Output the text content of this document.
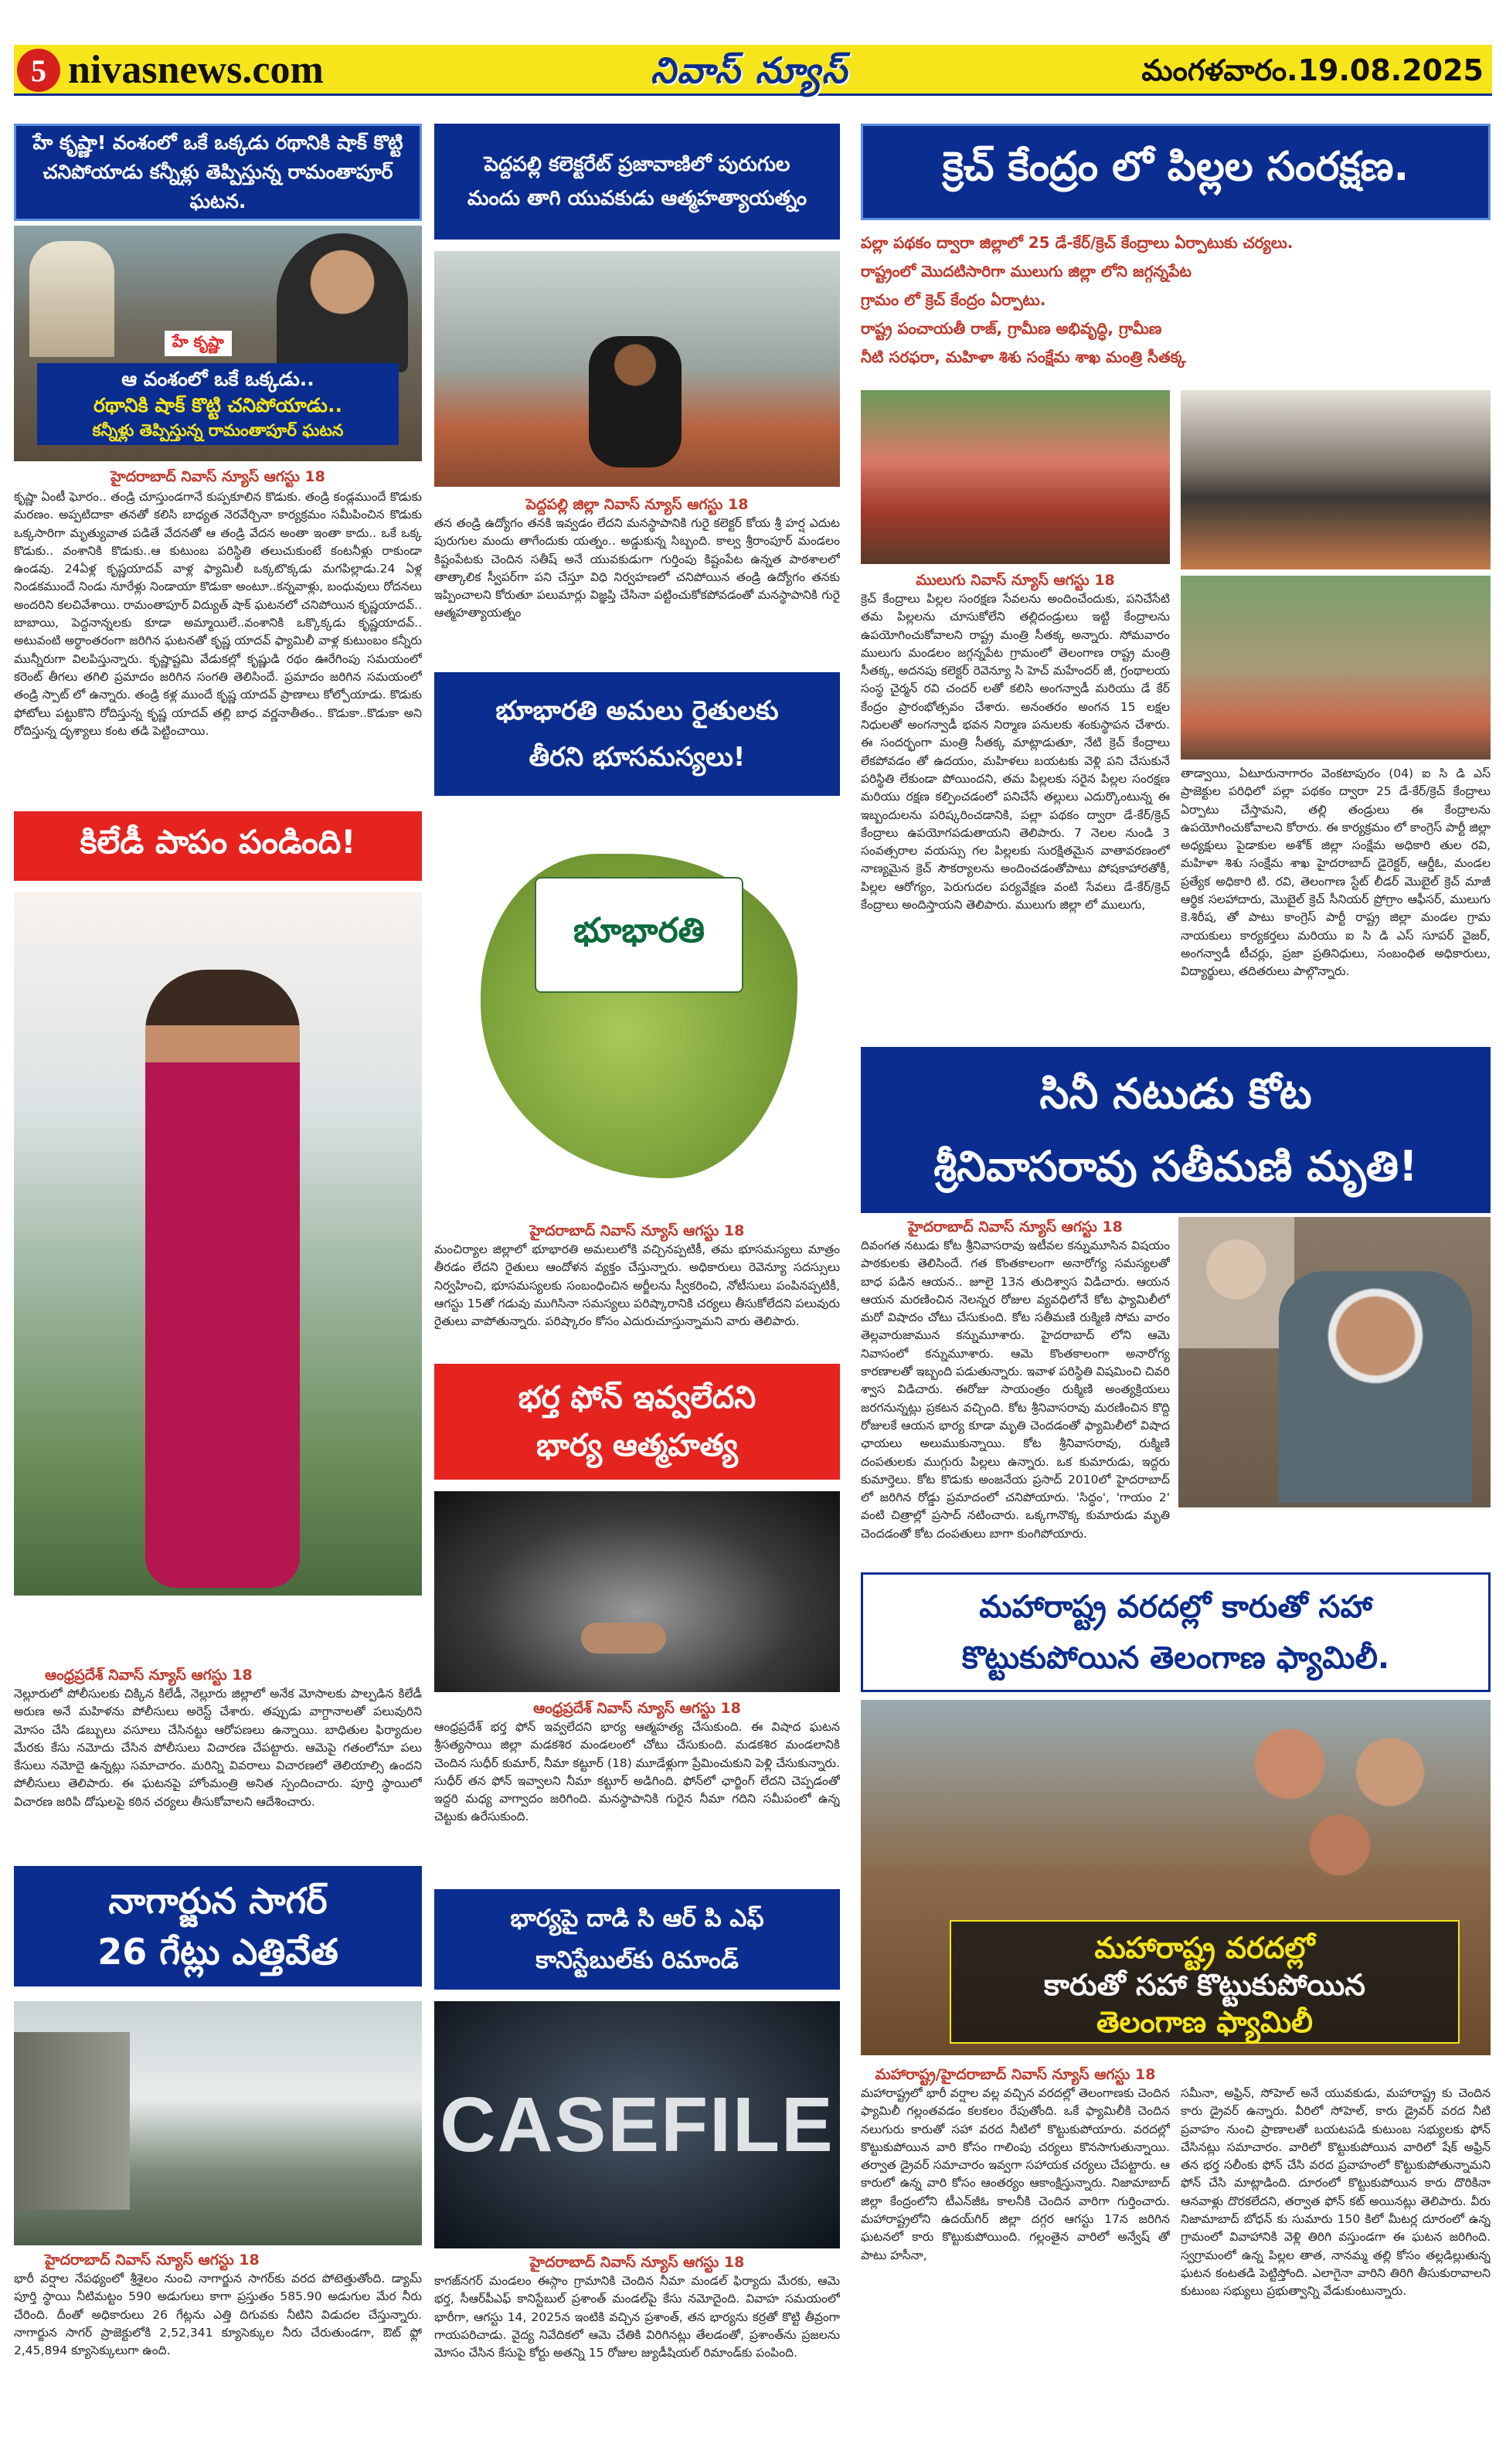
5 nivasnews.com	నివాస్ న్యూస్	మంగళవారం.19.08.2025
హే కృష్ణా! వంశంలో ఒకే ఒక్కడు రథానికి షాక్ కొట్టి
చనిపోయాడు కన్నీళ్లు తెప్పిస్తున్న రామంతాపూర్ ఘటన.
హే కృష్ణా
ఆ వంశంలో ఒకే ఒక్కడు..
రథానికి షాక్ కొట్టి చనిపోయాడు..
కన్నీళ్లు తెప్పిస్తున్న రామంతాపూర్ ఘటన
హైదరాబాద్ నివాస్ న్యూస్ ఆగస్టు 18
కృష్ణా ఏంటీ ఘోరం.. తండ్రి చూస్తుండగానే కుప్పకూలిన కొడుకు. తండ్రి కండ్లముందే కొడుకు మరణం. అప్పటిదాకా తనతో కలిసి బాధ్యత నెరవేర్చినా కార్యక్రమం సమీపించిన కొడుకు ఒక్కసారిగా మృత్యువాత పడితే వేదనతో ఆ తండ్రి వేదన అంతా ఇంతా కాదు.. ఒకే ఒక్క కొడుకు.. వంశానికి కొడుకు..ఆ కుటుంబ పరిస్థితి తలుచుకుంటే కంటనీళ్లు రాకుండా ఉండవు. 24ఏళ్ల కృష్ణయాదవ్ వాళ్ల ఫ్యామిలీ ఒక్కటొక్కడు మగపిల్లాడు.24 ఏళ్ల నిండకముందే నిండు నూరేళ్లు నిండాయా కొడుకా అంటూ..కన్నవాళ్లు, బంధువులు రోదనలు అందరిని కలచివేశాయి. రామంతాపూర్ విద్యుత్ షాక్ ఘటనలో చనిపోయిన కృష్ణయాదవ్.. బాబాయి, పెద్దనాన్నలకు కూడా అమ్మాయిలే..వంశానికి ఒక్కొక్కడు కృష్ణయాదవ్.. అటువంటి అర్థాంతరంగా జరిగిన ఘటనతో కృష్ణ యాదవ్ ఫ్యామిలీ వాళ్ల కుటుంబం కన్నీరు మున్నీరుగా విలపిస్తున్నారు. కృష్ణాష్టమి వేడుకల్లో కృష్ణుడి రథం ఊరేగింపు సమయంలో కరెంట్ తీగలు తగిలి ప్రమాదం జరిగిన సంగతి తెలిసిందే. ప్రమాదం జరిగిన సమయంలో తండ్రి స్పాట్ లో ఉన్నారు. తండ్రి కళ్ల ముందే కృష్ణ యాదవ్ ప్రాణాలు కోల్పోయాడు. కొడుకు ఫోటోలు పట్టుకొని రోదిస్తున్న కృష్ణ యాదవ్ తల్లి బాధ వర్ణనాతీతం.. కొడుకా..కొడుకా అని రోదిస్తున్న దృశ్యాలు కంట తడి పెట్టించాయి.
కిలేడీ పాపం పండింది!
ఆంధ్రప్రదేశ్ నివాస్ న్యూస్ ఆగస్టు 18
నెల్లూరులో పోలీసులకు చిక్కిన కిలేడీ, నెల్లూరు జిల్లాలో అనేక మోసాలకు పాల్పడిన కిలేడీ అరుణ అనే మహిళను పోలీసులు అరెస్ట్ చేశారు. తప్పుడు వాగ్దానాలతో పలువురిని మోసం చేసి డబ్బులు వసూలు చేసినట్టు ఆరోపణలు ఉన్నాయి. బాధితుల ఫిర్యాదుల మేరకు కేసు నమోదు చేసిన పోలీసులు విచారణ చేపట్టారు. ఆమెపై గతంలోనూ పలు కేసులు నమోదై ఉన్నట్లు సమాచారం. మరిన్ని వివరాలు విచారణలో తెలియాల్సి ఉందని పోలీసులు తెలిపారు. ఈ ఘటనపై హోంమంత్రి అనిత స్పందించారు. పూర్తి స్థాయిలో విచారణ జరిపి దోషులపై కఠిన చర్యలు తీసుకోవాలని ఆదేశించారు.
నాగార్జున సాగర్
26 గేట్లు ఎత్తివేత
హైదరాబాద్ నివాస్ న్యూస్ ఆగస్టు 18
భారీ వర్షాల నేపథ్యంలో శ్రీశైలం నుంచి నాగార్జున సాగర్‌కు వరద పోటెత్తుతోంది. డ్యామ్ పూర్తి స్థాయి నీటిమట్టం 590 అడుగులు కాగా ప్రస్తుతం 585.90 అడుగుల మేర నీరు చేరింది. దీంతో అధికారులు 26 గేట్లను ఎత్తి దిగువకు నీటిని విడుదల చేస్తున్నారు. నాగార్జున సాగర్ ప్రాజెక్టులోకి 2,52,341 క్యూసెక్కుల నీరు చేరుతుండగా, ఔట్ ఫ్లో 2,45,894 క్యూసెక్కులుగా ఉంది.
పెద్దపల్లి కలెక్టరేట్ ప్రజావాణిలో పురుగుల
మందు తాగి యువకుడు ఆత్మహత్యాయత్నం
పెద్దపల్లి జిల్లా నివాస్ న్యూస్ ఆగస్టు 18
తన తండ్రి ఉద్యోగం తనకి ఇవ్వడం లేదని మనస్థాపానికి గురై కలెక్టర్ కోయ శ్రీ హర్ష ఎదుట పురుగుల మందు తాగేందుకు యత్నం.. అడ్డుకున్న సిబ్బంది. కాల్వ శ్రీరాంపూర్ మండలం కిష్టంపేటకు చెందిన సతీష్ అనే యువకుడుగా గుర్తింపు కిష్టంపేట ఉన్నత పాఠశాలలో తాత్కాలిక స్వీపర్‌గా పని చేస్తూ విధి నిర్వహణలో చనిపోయిన తండ్రి ఉద్యోగం తనకు ఇప్పించాలని కోరుతూ పలుమార్లు విజ్ఞప్తి చేసినా పట్టించుకోకపోవడంతో మనస్థాపానికి గురై ఆత్మహత్యాయత్నం
భూభారతి అమలు రైతులకు
తీరని భూసమస్యలు!
భూభారతి
హైదరాబాద్ నివాస్ న్యూస్ ఆగస్టు 18
మంచిర్యాల జిల్లాలో భూభారతి అమలులోకి వచ్చినప్పటికీ, తమ భూసమస్యలు మాత్రం తీరడం లేదని రైతులు ఆందోళన వ్యక్తం చేస్తున్నారు. అధికారులు రెవెన్యూ సదస్సులు నిర్వహించి, భూసమస్యలకు సంబంధించిన అర్జీలను స్వీకరించి, నోటీసులు పంపినప్పటికీ, ఆగస్టు 15తో గడువు ముగిసినా సమస్యలు పరిష్కారానికి చర్యలు తీసుకోలేదని పలువురు రైతులు వాపోతున్నారు. పరిష్కారం కోసం ఎదురుచూస్తున్నామని వారు తెలిపారు.
భర్త ఫోన్ ఇవ్వలేదని
భార్య ఆత్మహత్య
ఆంధ్రప్రదేశ్ నివాస్ న్యూస్ ఆగస్టు 18
ఆంధ్రప్రదేశ్ భర్త ఫోన్ ఇవ్వలేదని భార్య ఆత్మహత్య చేసుకుంది. ఈ విషాద ఘటన శ్రీసత్యసాయి జిల్లా మడకశిర మండలంలో చోటు చేసుకుంది. మడకశిర మండలానికి చెందిన సుధీర్ కుమార్, నీమా కట్టూర్ (18) మూడేళ్లుగా ప్రేమించుకుని పెళ్లి చేసుకున్నారు. సుధీర్ తన ఫోన్ ఇవ్వాలని నీమా కట్టూర్ అడిగింది. ఫోన్‌లో ఛార్జింగ్ లేదని చెప్పడంతో ఇద్దరి మధ్య వాగ్వాదం జరిగింది. మనస్థాపానికి గురైన నీమా గదిని సమీపంలో ఉన్న చెట్టుకు ఉరేసుకుంది.
భార్యపై దాడి సి ఆర్ పి ఎఫ్
కానిస్టేబుల్‌కు రిమాండ్
CASEFILE
హైదరాబాద్ నివాస్ న్యూస్ ఆగస్టు 18
కాగజ్‌నగర్ మండలం ఈస్గాం గ్రామానికి చెందిన నీమా మండల్ ఫిర్యాదు మేరకు, ఆమె భర్త, సీఆర్‌పీఎఫ్ కానిస్టేబుల్ ప్రశాంత్ మండల్‌పై కేసు నమోదైంది. వివాహ సమయంలో భారీగా, ఆగస్టు 14, 2025న ఇంటికి వచ్చిన ప్రశాంత్, తన భార్యను కర్రతో కొట్టి తీవ్రంగా గాయపరిచాడు. వైద్య నివేదికలో ఆమె చేతికి విరిగినట్లు తేలడంతో, ప్రశాంత్‌ను ప్రజలను మోసం చేసిన కేసుపై కోర్టు అతన్ని 15 రోజుల జ్యుడీషియల్ రిమాండ్‌కు పంపింది.
క్రెచ్ కేంద్రం లో పిల్లల సంరక్షణ.
పల్లా పథకం ద్వారా జిల్లాలో 25 డే-కేర్/క్రెచ్ కేంద్రాలు ఏర్పాటుకు చర్యలు.
రాష్ట్రంలో మొదటిసారిగా ములుగు జిల్లా లోని జగ్గన్నపేట
గ్రామం లో క్రెచ్ కేంద్రం ఏర్పాటు.
రాష్ట్ర పంచాయతీ రాజ్, గ్రామీణ అభివృద్ధి, గ్రామీణ
నీటి సరఫరా, మహిళా శిశు సంక్షేమ శాఖ మంత్రి సీతక్క
ములుగు నివాస్ న్యూస్ ఆగస్టు 18
క్రెచ్ కేంద్రాలు పిల్లల సంరక్షణ సేవలను అందించేందుకు, పనిచేసేటి తమ పిల్లలను చూసుకోలేని తల్లిదండ్రులు ఇట్టి కేంద్రాలను ఉపయోగించుకోవాలని రాష్ట్ర మంత్రి సీతక్క అన్నారు. సోమవారం ములుగు మండలం జగ్గన్నపేట గ్రామంలో తెలంగాణ రాష్ట్ర మంత్రి సీతక్క, అదనపు కలెక్టర్ రెవెన్యూ సి హెచ్ మహేందర్ జీ, గ్రంథాలయ సంస్థ చైర్మన్ రవి చందర్ లతో కలిసి అంగన్వాడీ మరియు డే కేర్ కేంద్రం ప్రారంభోత్సవం చేశారు. అనంతరం అంగన 15 లక్షల నిధులతో అంగన్వాడీ భవన నిర్మాణ పనులకు శంకుస్థాపన చేశారు. ఈ సందర్భంగా మంత్రి సీతక్క మాట్లాడుతూ, నేటి క్రెచ్ కేంద్రాలు లేకపోవడం తో ఉదయం, మహిళలు బయటకు వెళ్లి పని చేసుకునే పరిస్థితి లేకుండా పోయిందని, తమ పిల్లలకు సరైన పిల్లల సంరక్షణ మరియు రక్షణ కల్పించడంలో పనిచేసే తల్లులు ఎదుర్కొంటున్న ఈ ఇబ్బందులను పరిష్కరించడానికి, పల్లా పథకం ద్వారా డే-కేర్/క్రెచ్ కేంద్రాలు ఉపయోగపడుతాయని తెలిపారు. 7 నెలల నుండి 3 సంవత్సరాల వయస్సు గల పిల్లలకు సురక్షితమైన వాతావరణంలో నాణ్యమైన క్రెచ్ సౌకర్యాలను అందించడంతోపాటు పోషకాహారతోకీ, పిల్లల ఆరోగ్యం, పెరుగుదల పర్యవేక్షణ వంటి సేవలు డే-కేర్/క్రెచ్ కేంద్రాలు అందిస్తాయని తెలిపారు. ములుగు జిల్లా లో ములుగు,
తాడ్వాయి, ఏటూరునాగారం వెంకటాపురం (04) ఐ సి డి ఎస్ ప్రాజెక్టుల పరిధిలో పల్లా పథకం ద్వారా 25 డే-కేర్/క్రెచ్ కేంద్రాలు ఏర్పాటు చేస్తామని, తల్లి తండ్రులు ఈ కేంద్రాలను ఉపయోగించుకోవాలని కోరారు. ఈ కార్యక్రమం లో కాంగ్రెస్ పార్టీ జిల్లా అధ్యక్షులు పైడాకుల అశోక్ జిల్లా సంక్షేమ అధికారి తుల రవి, మహిళా శిశు సంక్షేమ శాఖ హైదరాబాద్ డైరెక్టర్, ఆర్డీఓ, మండల ప్రత్యేక అధికారి టి. రవి, తెలంగాణ స్టేట్ లీడర్ మొబైల్ క్రెచ్ మాజీ ఆర్థిక సలహాదారు, మొబైల్ క్రెచ్ సీనియర్ ప్రోగ్రాం ఆఫీసర్, ములుగు కె.శిరీష, తో పాటు కాంగ్రెస్ పార్టీ రాష్ట్ర జిల్లా మండల గ్రామ నాయకులు కార్యకర్తలు మరియు ఐ సి డి ఎస్ సూపర్ వైజర్, అంగన్వాడీ టీచర్లు, ప్రజా ప్రతినిధులు, సంబంధిత అధికారులు, విద్యార్థులు, తదితరులు పాల్గొన్నారు.
సినీ నటుడు కోట
శ్రీనివాసరావు సతీమణి మృతి!
హైదరాబాద్ నివాస్ న్యూస్ ఆగస్టు 18
దివంగత నటుడు కోట శ్రీనివాసరావు ఇటీవల కన్నుమూసిన విషయం పాఠకులకు తెలిసిందే. గత కొంతకాలంగా అనారోగ్య సమస్యలతో బాధ పడిన ఆయన.. జూలై 13న తుదిశ్వాస విడిచారు. ఆయన ఆయన మరణించిన నెలన్నర రోజుల వ్యవధిలోనే కోట ఫ్యామిలీలో మరో విషాదం చోటు చేసుకుంది. కోట సతీమణి రుక్మిణి సోమ వారం తెల్లవారుజామున కన్నుమూశారు. హైదరాబాద్ లోని ఆమె నివాసంలో కన్నుమూశారు. ఆమె కొంతకాలంగా అనారోగ్య కారణాలతో ఇబ్బంది పడుతున్నారు. ఇవాళ పరిస్థితి విషమించి చివరి శ్వాస విడిచారు. ఈరోజు సాయంత్రం రుక్మిణి అంత్యక్రియలు జరగనున్నట్లు ప్రకటన వచ్చింది. కోట శ్రీనివాసరావు మరణించిన కొద్ది రోజులకే ఆయన భార్య కూడా మృతి చెందడంతో ఫ్యామిలీలో విషాద ఛాయలు అలుముకున్నాయి. కోట శ్రీనివాసరావు, రుక్మిణి దంపతులకు ముగ్గురు పిల్లలు ఉన్నారు. ఒక కుమారుడు, ఇద్దరు కుమార్తెలు. కోట కొడుకు అంజనేయ ప్రసాద్ 2010లో హైదరాబాద్ లో జరిగిన రోడ్డు ప్రమాదంలో చనిపోయారు. 'సిద్ధం', 'గాయం 2' వంటి చిత్రాల్లో ప్రసాద్ నటించారు. ఒక్కగానొక్క కుమారుడు మృతి చెందడంతో కోట దంపతులు బాగా కుంగిపోయారు.
మహారాష్ట్ర వరదల్లో కారుతో సహా
కొట్టుకుపోయిన తెలంగాణ ఫ్యామిలీ.
మహారాష్ట్ర వరదల్లో
కారుతో సహా కొట్టుకుపోయిన
తెలంగాణ ఫ్యామిలీ
మహారాష్ట్ర/హైదరాబాద్ నివాస్ న్యూస్ ఆగస్టు 18
మహారాష్ట్రలో భారీ వర్షాల వల్ల వచ్చిన వరదల్లో తెలంగాణకు చెందిన ఫ్యామిలీ గల్లంతవడం కలకలం రేపుతోంది. ఒకే ఫ్యామిలీకి చెందిన నలుగురు కారుతో సహా వరద నీటిలో కొట్టుకుపోయారు. వరదల్లో కొట్టుకుపోయిన వారి కోసం గాలింపు చర్యలు కొనసాగుతున్నాయి. తర్వాత డ్రైవర్ సమాచారం ఇవ్వగా సహాయక చర్యలు చేపట్టారు. ఆ కారులో ఉన్న వారి కోసం ఆంతర్యం ఆకాంక్షిస్తున్నారు. నిజామాబాద్ జిల్లా కేంద్రంలోని టీఎన్‌జీఓ కాలనీకి చెందిన వారిగా గుర్తించారు. మహారాష్ట్రలోని ఉదయ్‌గిర్ జిల్లా దగ్గర ఆగస్టు 17న జరిగిన ఘటనలో కారు కొట్టుకుపోయింది. గల్లంతైన వారిలో అన్వేష్ తో పాటు హసీనా,
సమీనా, అఫ్రిన్, సోహెల్ అనే యువకుడు, మహారాష్ట్ర కు చెందిన కారు డ్రైవర్ ఉన్నారు. వీరిలో సోహెల్, కారు డ్రైవర్ వరద నీటి ప్రవాహం నుంచి ప్రాణాలతో బయటపడి కుటుంబ సభ్యులకు ఫోన్ చేసినట్లు సమాచారం. వారిలో కొట్టుకుపోయిన వారిలో షేక్ అఫ్రిన్ తన భర్త సలీంకు ఫోన్ చేసి వరద ప్రవాహంలో కొట్టుకుపోతున్నామని ఫోన్ చేసి మాట్లాడింది. దూరంలో కొట్టుకుపోయిన కారు దొరికినా ఆనవాళ్లు దొరకలేదని, తర్వాత ఫోన్ కట్ అయినట్లు తెలిపారు. వీరు నిజామాబాద్ బోధన్ కు సుమారు 150 కిలో మీటర్ల దూరంలో ఉన్న గ్రామంలో వివాహానికి వెళ్లి తిరిగి వస్తుండగా ఈ ఘటన జరిగింది. స్వగ్రామంలో ఉన్న పిల్లల తాత, నానమ్మ తల్లి కోసం తల్లడిల్లుతున్న ఘటన కంటతడి పెట్టిస్తోంది. ఎలాగైనా వారిని తిరిగి తీసుకురావాలని కుటుంబ సభ్యులు ప్రభుత్వాన్ని వేడుకుంటున్నారు.
